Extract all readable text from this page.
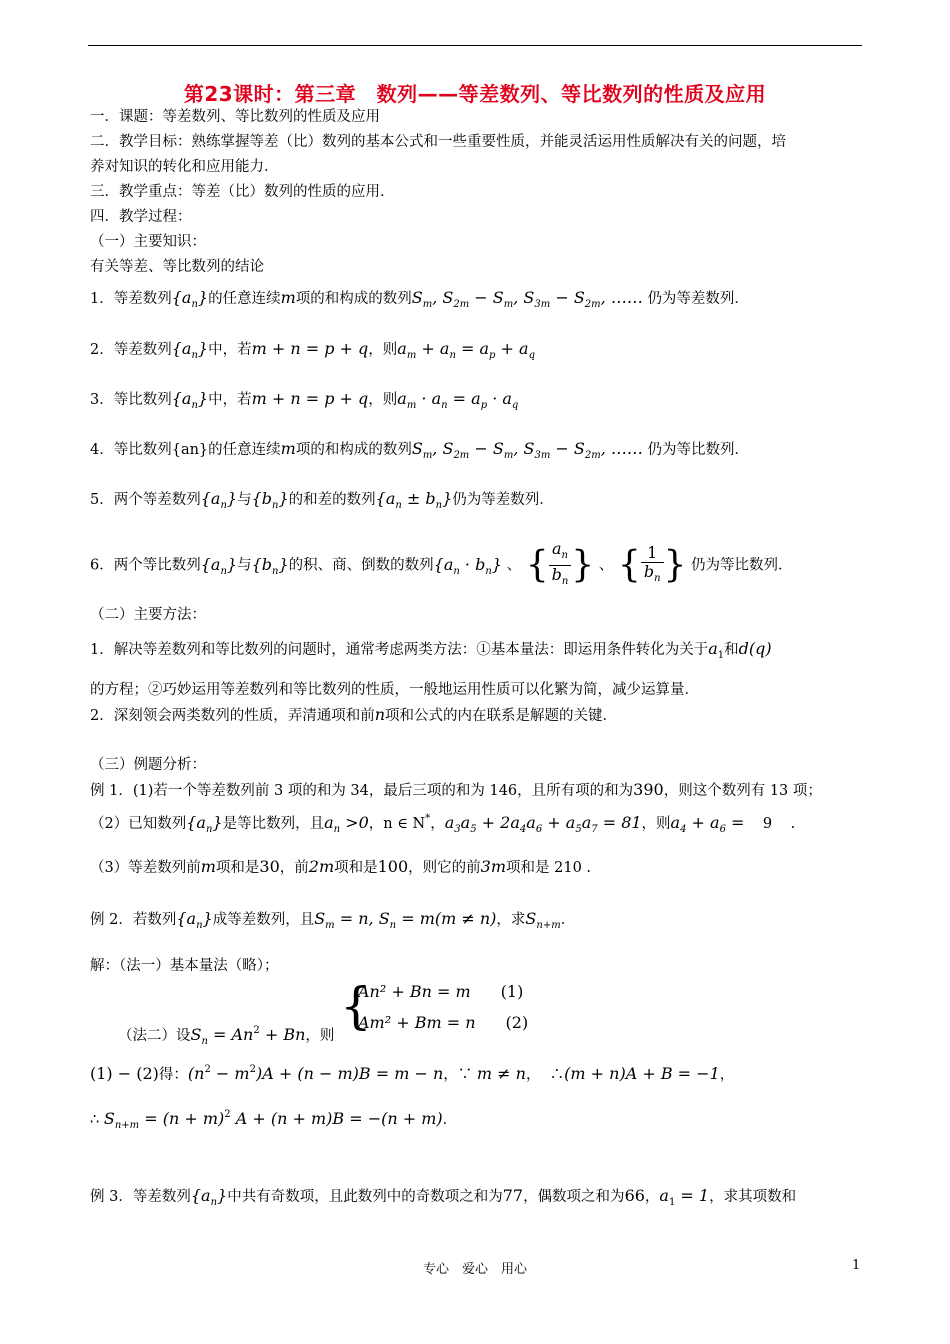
第23课时：第三章　数列——等差数列、等比数列的性质及应用
一．课题：等差数列、等比数列的性质及应用
二．教学目标：熟练掌握等差（比）数列的基本公式和一些重要性质，并能灵活运用性质解决有关的问题，培
养对知识的转化和应用能力．
三．教学重点：等差（比）数列的性质的应用．
四．教学过程：
（一）主要知识：
有关等差、等比数列的结论
1．等差数列$\{a_n\}$的任意连续m项的和构成的数列$S_m$, $S_{2m} - S_m$, $S_{3m} - S_{2m}$, …… 仍为等差数列．
2．等差数列$\{a_n\}$中，若m + n = p + q，则$a_m + a_n = a_p + a_q$
3．等比数列$\{a_n\}$中，若m + n = p + q，则$a_m \cdot a_n = a_p \cdot a_q$
4．等比数列{an}的任意连续m项的和构成的数列$S_m$, $S_{2m} - S_m$, $S_{3m} - S_{2m}$, …… 仍为等比数列．
5．两个等差数列$\{a_n\}$与$\{b_n\}$的和差的数列$\{a_n \pm b_n\}$仍为等差数列．
6．两个等比数列$\{a_n\}$与$\{b_n\}$的积、商、倒数的数列$\{a_n \cdot b_n\}$ 、 { $\frac{a_n}{b_n}$ } 、 { $\frac{1}{b_n}$ } 仍为等比数列．
（二）主要方法：
1．解决等差数列和等比数列的问题时，通常考虑两类方法：①基本量法：即运用条件转化为关于$a_1$和d(q)
的方程；②巧妙运用等差数列和等比数列的性质，一般地运用性质可以化繁为简，减少运算量．
2．深刻领会两类数列的性质，弄清通项和前n项和公式的内在联系是解题的关键．
（三）例题分析：
例 1．(1)若一个等差数列前 3 项的和为 34，最后三项的和为 146，且所有项的和为390，则这个数列有 13 项；
（2）已知数列$\{a_n\}$是等比数列，且$a_n >0$，n ∈ N*，$a_3a_5 + 2a_4a_6 + a_5a_7 = 81$，则$a_4 + a_6 = 9$    .
（3）等差数列前m项和是30，前2m项和是100，则它的前3m项和是 210 .
例 2．若数列$\{a_n\}$成等差数列，且$S_m = n$, $S_n = m(m \ne n)$，求$S_{n+m}$．
解：（法一）基本量法（略）；
{
An² + Bn = m (1)
Am² + Bm = n (2)
（法二）设$S_n = An^2 + Bn$，则
(1) − (2)得：$(n^2 - m^2)A + (n - m)B = m - n$，∵ m ≠ n，  ∴(m + n)A + B = −1，
∴ $S_{n+m} = (n + m)^2$ A + (n + m)B = −(n + m)．
例 3．等差数列$\{a_n\}$中共有奇数项，且此数列中的奇数项之和为77，偶数项之和为66，$a_1 = 1$，求其项数和
专心　爱心　用心	1
